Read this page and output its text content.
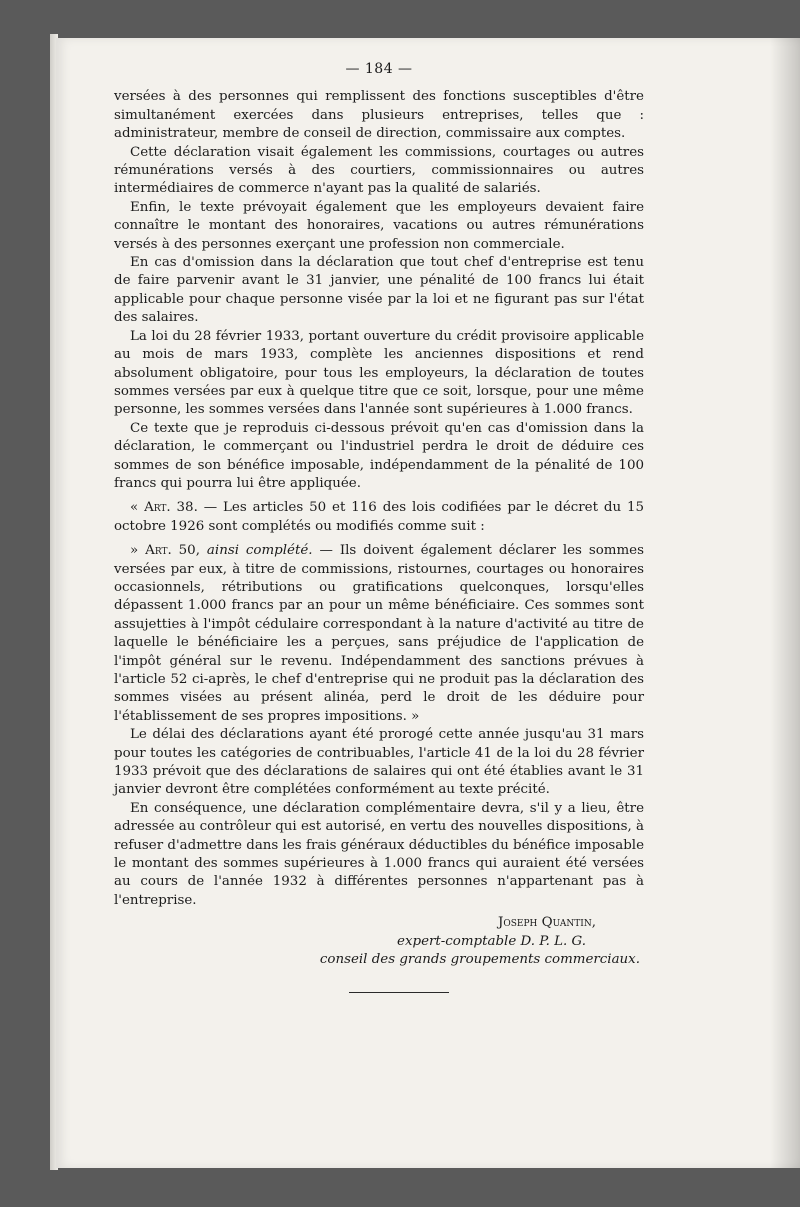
— 184 —

versées à des personnes qui remplissent des fonctions susceptibles d'être simultanément exercées dans plusieurs entreprises, telles que : administrateur, membre de conseil de direction, commissaire aux comptes.

Cette déclaration visait également les commissions, courtages ou autres rémunérations versés à des courtiers, commissionnaires ou autres intermédiaires de commerce n'ayant pas la qualité de salariés.

Enfin, le texte prévoyait également que les employeurs devaient faire connaître le montant des honoraires, vacations ou autres rémunérations versés à des personnes exerçant une profession non commerciale.

En cas d'omission dans la déclaration que tout chef d'entreprise est tenu de faire parvenir avant le 31 janvier, une pénalité de 100 francs lui était applicable pour chaque personne visée par la loi et ne figurant pas sur l'état des salaires.

La loi du 28 février 1933, portant ouverture du crédit provisoire applicable au mois de mars 1933, complète les anciennes dispositions et rend absolument obligatoire, pour tous les employeurs, la déclaration de toutes sommes versées par eux à quelque titre que ce soit, lorsque, pour une même personne, les sommes versées dans l'année sont supérieures à 1.000 francs.

Ce texte que je reproduis ci-dessous prévoit qu'en cas d'omission dans la déclaration, le commerçant ou l'industriel perdra le droit de déduire ces sommes de son bénéfice imposable, indépendamment de la pénalité de 100 francs qui pourra lui être appliquée.

« Art. 38. — Les articles 50 et 116 des lois codifiées par le décret du 15 octobre 1926 sont complétés ou modifiés comme suit :

» Art. 50, ainsi complété. — Ils doivent également déclarer les sommes versées par eux, à titre de commissions, ristournes, courtages ou honoraires occasionnels, rétributions ou gratifications quelconques, lorsqu'elles dépassent 1.000 francs par an pour un même bénéficiaire. Ces sommes sont assujetties à l'impôt cédulaire correspondant à la nature d'activité au titre de laquelle le bénéficiaire les a perçues, sans préjudice de l'application de l'impôt général sur le revenu. Indépendamment des sanctions prévues à l'article 52 ci-après, le chef d'entreprise qui ne produit pas la déclaration des sommes visées au présent alinéa, perd le droit de les déduire pour l'établissement de ses propres impositions. »

Le délai des déclarations ayant été prorogé cette année jusqu'au 31 mars pour toutes les catégories de contribuables, l'article 41 de la loi du 28 février 1933 prévoit que des déclarations de salaires qui ont été établies avant le 31 janvier devront être complétées conformément au texte précité.

En conséquence, une déclaration complémentaire devra, s'il y a lieu, être adressée au contrôleur qui est autorisé, en vertu des nouvelles dispositions, à refuser d'admettre dans les frais généraux déductibles du bénéfice imposable le montant des sommes supérieures à 1.000 francs qui auraient été versées au cours de l'année 1932 à différentes personnes n'appartenant pas à l'entreprise.

Joseph Quantin,
expert-comptable D. P. L. G.
conseil des grands groupements commerciaux.
